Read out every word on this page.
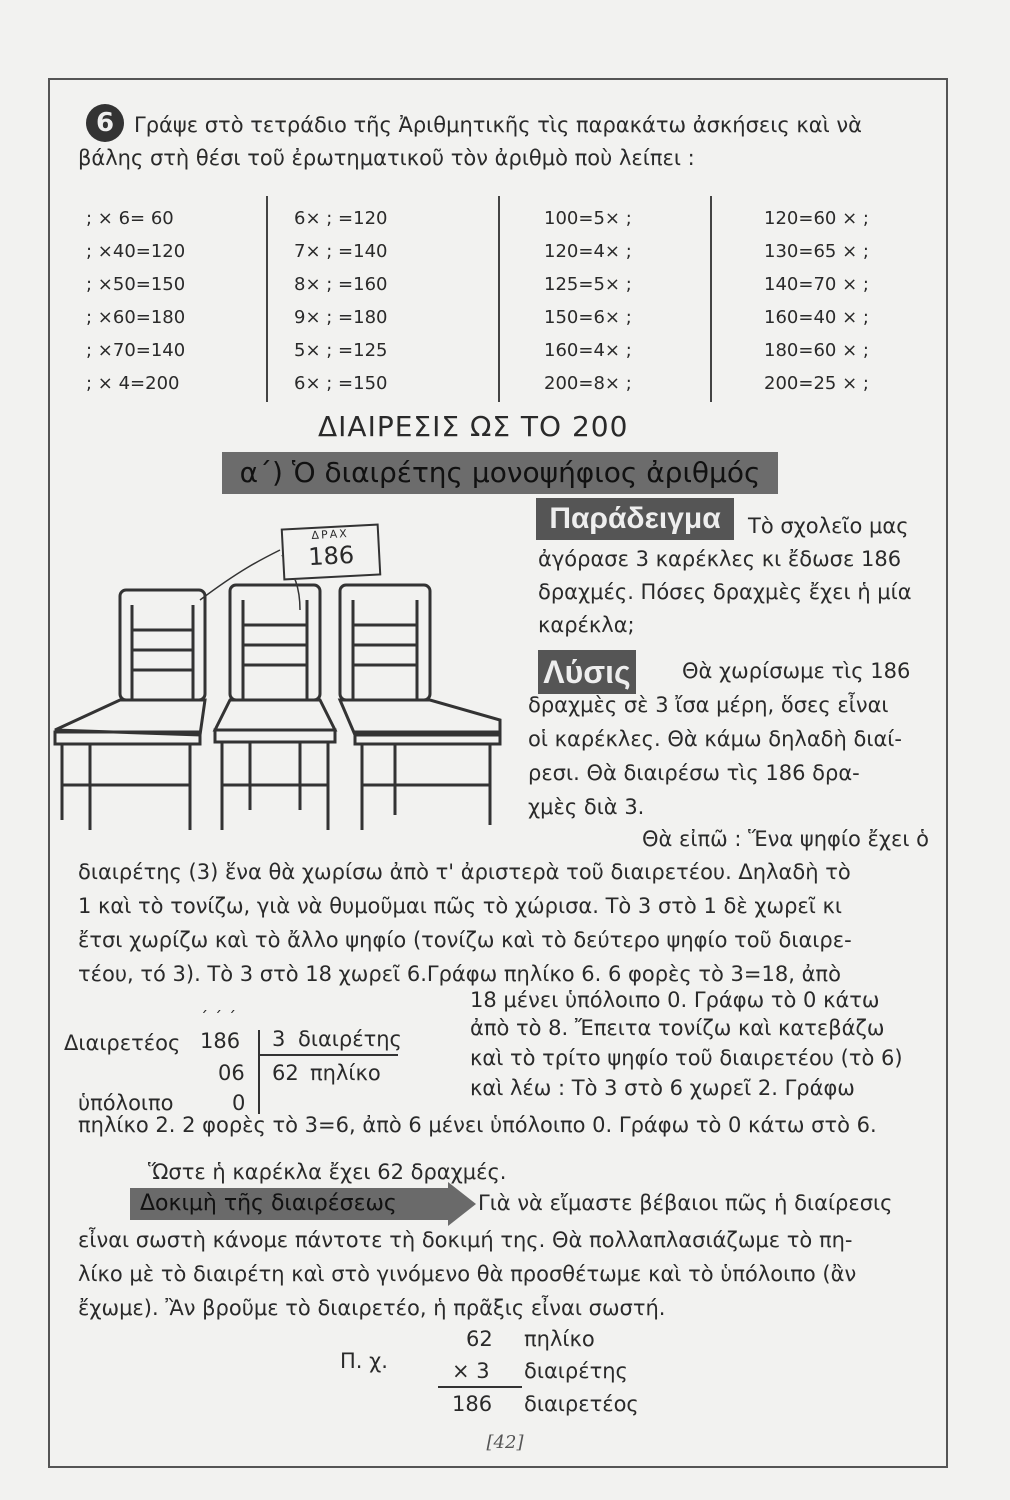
6 Γράψε στὸ τετράδιο τῆς Ἀριθμητικῆς τὶς παρακάτω ἀσκήσεις καὶ νὰ
βάλης στὴ θέσι τοῦ ἐρωτηματικοῦ τὸν ἀριθμὸ ποὺ λείπει :
; × 6= 60
; ×40=120
; ×50=150
; ×60=180
; ×70=140
; × 4=200
6× ; =120
7× ; =140
8× ; =160
9× ; =180
5× ; =125
6× ; =150
100=5× ;
120=4× ;
125=5× ;
150=6× ;
160=4× ;
200=8× ;
120=60 × ;
130=65 × ;
140=70 × ;
160=40 × ;
180=60 × ;
200=25 × ;
ΔΙΑΙΡΕΣΙΣ ΩΣ ΤΟ 200
α΄) Ὁ διαιρέτης μονοψήφιος ἀριθμός
Παράδειγμα	Τὸ σχολεῖο μας
ἀγόρασε 3 καρέκλες κι ἔδωσε 186
δραχμές. Πόσες δραχμὲς ἔχει ἡ μία
καρέκλα;
ΔΡΑΧ
186
Λύσις Θὰ χωρίσωμε τὶς 186
δραχμὲς σὲ 3 ἴσα μέρη, ὅσες εἶναι
οἱ καρέκλες. Θὰ κάμω δηλαδὴ διαί-
ρεσι. Θὰ διαιρέσω τὶς 186 δρα-
χμὲς διὰ 3.
Θὰ εἰπῶ : Ἕνα ψηφίο ἔχει ὁ
διαιρέτης (3) ἕνα θὰ χωρίσω ἀπὸ τ' ἀριστερὰ τοῦ διαιρετέου. Δηλαδὴ τὸ
1 καὶ τὸ τονίζω, γιὰ νὰ θυμοῦμαι πῶς τὸ χώρισα. Τὸ 3 στὸ 1 δὲ χωρεῖ κι
ἔτσι χωρίζω καὶ τὸ ἄλλο ψηφίο (τονίζω καὶ τὸ δεύτερο ψηφίο τοῦ διαιρε-
τέου, τό 3). Τὸ 3 στὸ 18 χωρεῖ 6.Γράφω πηλίκο 6. 6 φορὲς τὸ 3=18, ἀπὸ
18 μένει ὑπόλοιπο 0. Γράφω τὸ 0 κάτω
ἀπὸ τὸ 8. Ἔπειτα τονίζω καὶ κατεβάζω
καὶ τὸ τρίτο ψηφίο τοῦ διαιρετέου (τὸ 6)
καὶ λέω : Τὸ 3 στὸ 6 χωρεῖ 2. Γράφω
΄΄΄
Διαιρετέος 186 3 διαιρέτης
06 62 πηλίκο
ὑπόλοιπο	0
πηλίκο 2. 2 φορὲς τὸ 3=6, ἀπὸ 6 μένει ὑπόλοιπο 0. Γράφω τὸ 0 κάτω στὸ 6.
Ὥστε ἡ καρέκλα ἔχει 62 δραχμές.
Δοκιμὴ τῆς διαιρέσεως	Γιὰ νὰ εἴμαστε βέβαιοι πῶς ἡ διαίρεσις
εἶναι σωστὴ κάνομε πάντοτε τὴ δοκιμή της. Θὰ πολλαπλασιάζωμε τὸ πη-
λίκο μὲ τὸ διαιρέτη καὶ στὸ γινόμενο θὰ προσθέτωμε καὶ τὸ ὑπόλοιπο (ἂν
ἔχωμε). Ἂν βροῦμε τὸ διαιρετέο, ἡ πρᾶξις εἶναι σωστή.
Π. χ.
62 πηλίκο
× 3 διαιρέτης
186 διαιρετέος
[42]
